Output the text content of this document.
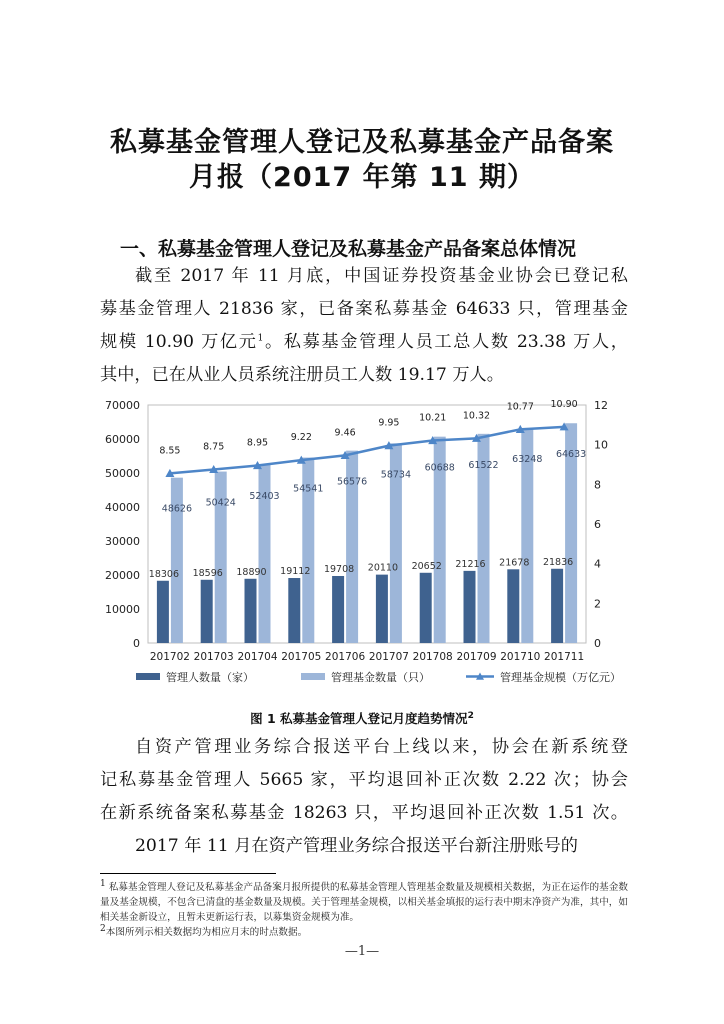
私募基金管理人登记及私募基金产品备案
月报（2017 年第 11 期）
一、私募基金管理人登记及私募基金产品备案总体情况

截至 2017 年 11 月底，中国证券投资基金业协会已登记私

募基金管理人 21836 家，已备案私募基金 64633 只，管理基金

规模 10.90 万亿元$^1$。私募基金管理人员工总人数 23.38 万人，

其中，已在从业人员系统注册员工人数 19.17 万人。

0
10000
20000
30000
40000
50000
60000
70000
0
2
4
6
8
10
12
201702 201703 201704 201705 201706 201707 201708 201709 201710 201711
18306 18596 18890 19112 19708 20110 20652 21216 21678 21836
48626
50424
52403
54541
56576
58734
60688 61522
63248 64633
8.55 8.75 8.95 9.22 9.46
9.95 10.21 10.32
10.77 10.90
管理人数量（家）	管理基金数量（只）	管理基金规模（万亿元）
图 1 私募基金管理人登记月度趋势情况$^2$

自资产管理业务综合报送平台上线以来，协会在新系统登

记私募基金管理人 5665 家，平均退回补正次数 2.22 次；协会

在新系统备案私募基金 18263 只，平均退回补正次数 1.51 次。

2017 年 11 月在资产管理业务综合报送平台新注册账号的

$^1$ 私募基金管理人登记及私募基金产品备案月报所提供的私募基金管理人管理基金数量及规模相关数据，为正在运作的基金数量及基金规模，不包含已清盘的基金数量及规模。关于管理基金规模，以相关基金填报的运行表中期末净资产为准，其中，如相关基金新设立，且暂未更新运行表，以募集资金规模为准。

$^2$本图所列示相关数据均为相应月末的时点数据。

—1—
